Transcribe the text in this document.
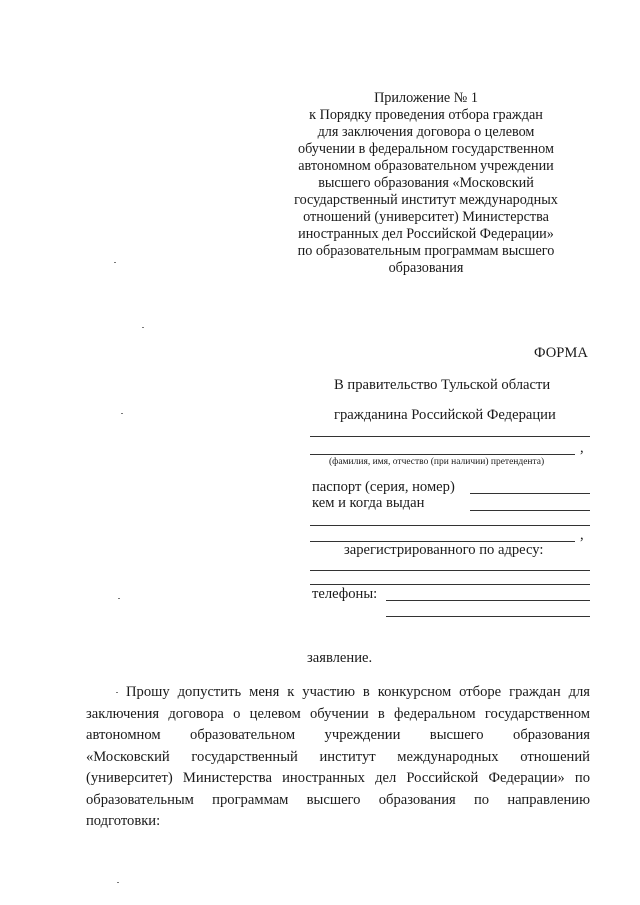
Приложение № 1
к Порядку проведения отбора граждан
для заключения договора о целевом
обучении в федеральном государственном
автономном образовательном учреждении
высшего образования «Московский
государственный институт международных
отношений (университет) Министерства
иностранных дел Российской Федерации»
по образовательным программам высшего
образования
ФОРМА
В правительство Тульской области
гражданина Российской Федерации
,
(фамилия, имя, отчество (при наличии) претендента)
паспорт (серия, номер)
кем и когда выдан
,
зарегистрированного по адресу:
телефоны:
заявление.
Прошу допустить меня к участию в конкурсном отборе граждан для
заключения договора о целевом обучении в федеральном государственном
автономном образовательном учреждении высшего образования
«Московский государственный институт международных отношений
(университет) Министерства иностранных дел Российской Федерации» по
образовательным программам высшего образования по направлению
подготовки:
